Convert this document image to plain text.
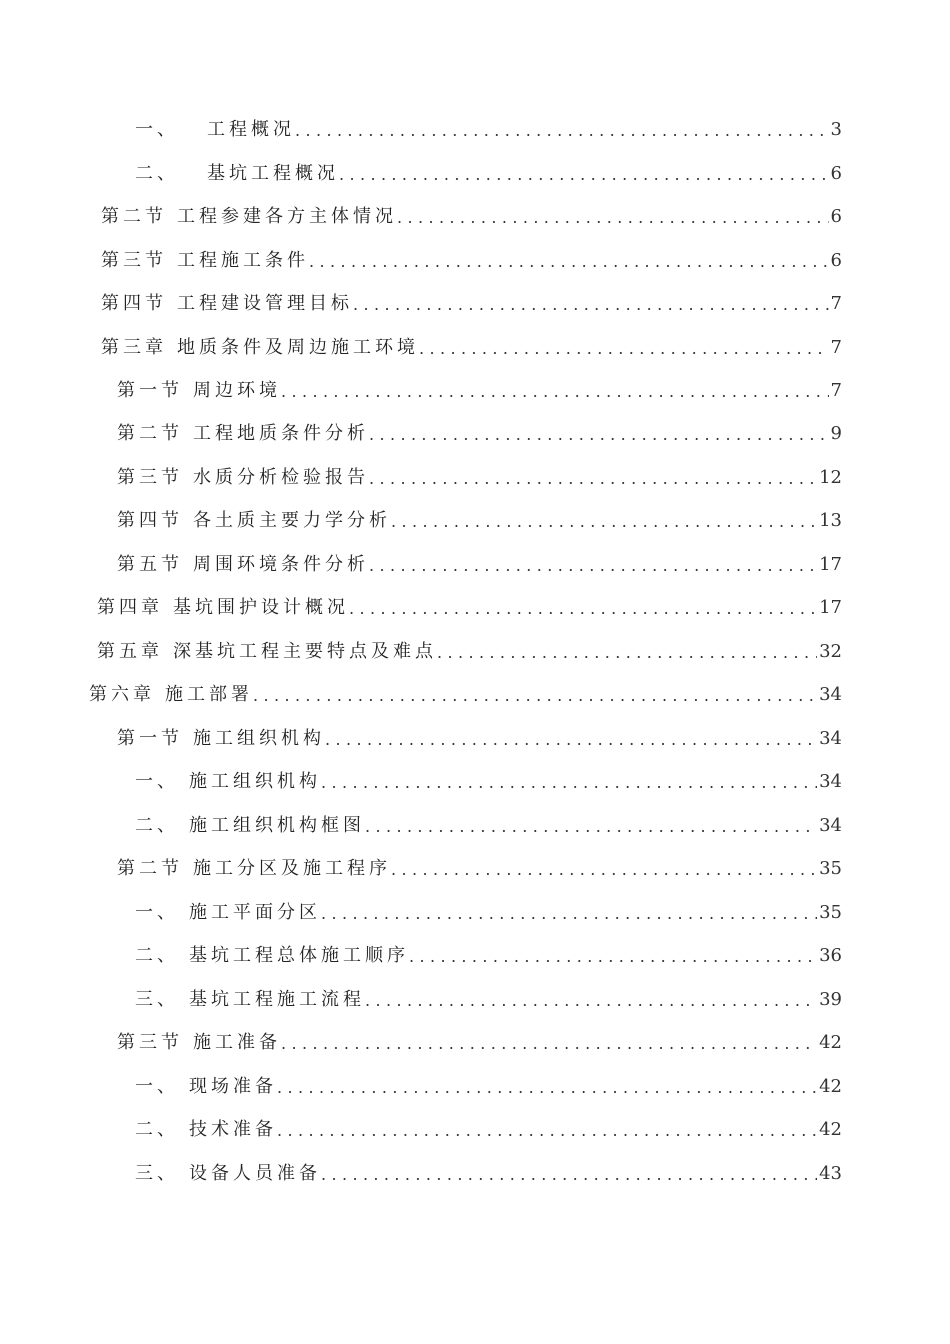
一、 工程概况 .....	3
二、 基坑工程概况 .....	6
第二节 工程参建各方主体情况 .....	6
第三节 工程施工条件 .....	6
第四节 工程建设管理目标 .....	7
第三章 地质条件及周边施工环境 .....	7
第一节 周边环境 .....	7
第二节 工程地质条件分析 .....	9
第三节 水质分析检验报告 .....	12
第四节 各土质主要力学分析 .....	13
第五节 周围环境条件分析 .....	17
第四章 基坑围护设计概况 .....	17
第五章 深基坑工程主要特点及难点 .....	32
第六章 施工部署 .....	34
第一节 施工组织机构 .....	34
一、 施工组织机构 .....	34
二、 施工组织机构框图 .....	34
第二节 施工分区及施工程序 .....	35
一、 施工平面分区 .....	35
二、 基坑工程总体施工顺序 .....	36
三、 基坑工程施工流程 .....	39
第三节 施工准备 .....	42
一、 现场准备 .....	42
二、 技术准备 .....	42
三、 设备人员准备 .....	43
